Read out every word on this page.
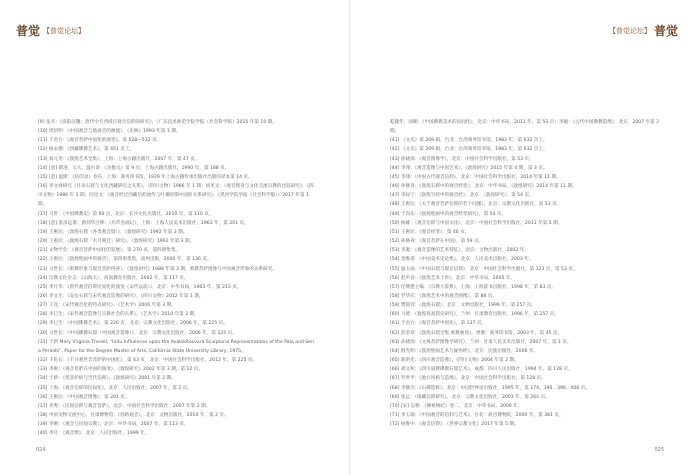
普觉 【普觉论坛】

[9] 张杰：《洛阳汉魏：唐代中天西域应观音信仰的研究》，《广东技术师范学院学报（社会科学版）2015 年第 10 期。

[10] 周悟明：《中国观音与地观音的源流》，《史林》1993 年第 1 期。

[11] 于君方：《观音菩萨中国化的演变》，第 528—532 页。

[12] 杨永德：《西藏佛教艺术》，第 451 页上。

[13] 刘元尧：《敦煌艺术全集》，上海：上海古籍出版社，2007 年，第 47 页。

[14] [意] 畲洛，义大、温尔哥：《舍衡文》第 9 页，上海古籍出版社，1990 年，第 188 页。

[15] [意] 温斯：《结印录》卷东，上海：商务印书馆，1929 年上海古籍传承出版社出版的译本第 14 页。

[16] 李文禄研究《甘泉石窟与文化西藏研究之关系》，《四川文物》1986 年 1 期；同见文：《观音现身与文化交流宗教的比较研究》，《四川文物》1986 年 1 期；同见文：《观音经过西藏信仰流传与吐蕃时期中国的关系研究》，《黑河学院学报（社会科学版）》2017 年第 1 期。

[17] 马世：《中国佛教史》第 60 页，北京：长沙文化出版社，2010 年，第 110 页。

[18] [意] 张彦远著、俞剑华注释：《历代名画记》，上海：上海人民美术出版社，1963 年，第 201 页。

[19] 王惠民：《敦煌石窟（各类观音窟）》，《敦煌研究》1992 年第 3 期。

[20] 王惠民：《敦煌石窟「水月观音」研究》，《敦煌研究》1992 年第 3 期。

[21] 文物学会：《观音菩萨中国化的发展》，第 270 页，第四册集集。

[22] 王惠民：《敦煌壁画中的观音》，第四册集集，南州出版，2000 年，第 136 页。

[23] 马世长：《密教形象与观音菩萨供养》，《敦煌研究》1988 年第 3 期，密教菩萨图像与中国观音形象的关系研究。

[24] 宗教文化杂志：《山海关》，河南教育出版社，2002 年，第 117 页。

[25] 李月华：《唐代观音信仰民间化的演变（宋代以前）》，北京：中华书局，1965 年，第 213 页。

[26] 李文生：《安岳石窟与宋代观音造像的研究》，《四川文物》2012 年第 1 期。

[27] 王昆：《宋代观音化的特点研究》，《艺术学》2006 年第 3 期。

[28] 李巳生：《宋代观音造像与宗教社会的关系》，《艺术学》2010 年第 2 期。

[29] 李巳生：《中国佛教艺术》，第 226 页，北京：宗教文化出版社，2006 年，第 225 页。

[30] 马世长：《中国佛教石窟（中国观音造像）》，北京：宗教文化出版社，2006 年，第 225 页。

[31] 于新 Mary Virginia Thorell, “Indu Influences upon the Avalokitesvara Sculptural Representations of the Pala and Sena Periods”, Paper for the Degree Master of Arts, California State University Library, 1975。

[32] 千化石：《千寻观世音菩萨的中国化》，第 43 页，北京：中国社会科学出版社，2012 年，第 225 页。

[33] 李惠：《观音菩萨在中国的演变》，《敦煌研究》2002 年第 3 期，第 12 页。

[34] 于新：《慈悲护佑与当代信仰》，《敦煌研究》2001 年第 2 期。

[35] 上海：《观音信仰的民间化》，北京：人民出版社，2007 年，第 2 页。

[36] 王惠民：《中国观音图像》，第 201 页。

[37] 李秀：《民间信仰与观音菩萨》，北京：中国社会科学出版社，2007 年第 2 期。

[38] 中国文物交流中心、甘肃博物馆：《丝路观音》，北京：文物出版社，2010 年，第 2 页。

[39] 李刚：《观音与民间宗教》，北京：中华书局，2007 年，第 113 页。

[40] 李月：《观音像》，北京：人民出版社，1999 年。

024
【普觉论坛】 普觉

乾隆年，国朝：《中国佛教美术的民间化》，北京：中华书局，2011 年，第 53 页；李颖：《古代中国佛教造像》，北京，2007 年第 2 期。

[41] 《文史》第 209 辑，台北：台湾商务印书馆，1983 年，第 632 页上。

[42] 《文史》第 209 辑，台北：台湾商务印书馆，1983 年，第 632 页上。

[43] 孙晓岗：《观音图像学》，北京：中国社会科学出版社，第 53 页。

[44] 李翎：《观音造像与中国艺术》，《敦煌研究》2015 年第 4 期，第 3 页。

[45] 李翎：《中国古代观音信仰》，北京：中国社会科学出版社，2014 年第 11 期。

[46] 孙修身：《敦煌石窟中的观音经变》，北京：中华书局，《敦煌研究》2014 年第 11 期。

[47] 李际宁：《敦煌写经中的观音经》，北京：《敦煌研究》，第 54 页。

[48] 王惠民：《关于观音菩萨信仰的若干问题》，北京：宗教文化出版社，第 53 页。

[49] 于向东：《敦煌壁画中的观音经变研究》，第 54 页。

[50] 杨雄：《观音信仰与中国文化》，北京：中国社会科学出版社，2011 年第 5 期。

[51] 王惠民：《观音经变》，第 46 页。

[52] 孙修身：《观音菩萨在中国》，第 59 页。

[53] 李凇：《观音造像的艺术特征》，北京：文物出版社，2002 年。

[54] 金维诺：《中国美术史论集》，北京：人民美术出版社，2003 年。

[55] 温玉成：《中国石窟与观音信仰》，北京：中国社会科学出版社，第 123 页，第 53 页。

[56] 赵声良：《敦煌艺术十讲》，北京：中华书局，2005 年。

[57] 任继愈主编：《宗教大辞典》，上海：上海辞书出版社，1998 年，第 83 页。

[58] 罗华庆：《敦煌艺术中的观音图像》，第 88 页。

[59] 樊锦诗：《敦煌石窟》，北京：文物出版社，1999 年，第 257 页。

[60] 马德：《敦煌莫高窟史研究》，兰州：甘肃教育出版社，1996 年，第 257 页。

[61] 于君方：《观音菩萨中国化》，第 137 页。

[62] 彭金章：《敦煌石窟全集·密教画卷》，香港：商务印书馆，2003 年，第 45 页。

[63] 孙晓岗：《文殊菩萨图像学研究》，兰州：甘肃人民美术出版社，2007 年，第 1 页。

[64] 殷光明：《敦煌壁画艺术与疑伪经》，北京：民族出版社，2006 年。

[65] 陈明光：《四川观音造像》，《四川文物》2004 年第 2 期。

[66] 胡文和：《四川道教佛教石窟艺术》，成都：四川人民出版社，1994 年，第 128 页。

[67] 罗世平：《地方风格与造像》，北京：中国社会科学出版社，第 128 页。

[68] 李静杰：《石佛选粹》，北京：中国世界语出版社，1995 年，第 174、395、396、408 页。

[69] 张总：《地藏信仰研究》，北京：宗教文化出版社，2003 年，第 264 页。

[70] [宋] 志磐：《佛祖统纪》卷二，北京：中华书局，2006 年。

[71] 李玉珉：《中国观音的信仰与艺术》，台北：故宫博物院，2000 年，第 381 页。

[72] 杨维中：《观音信仰》，《世界宗教文化》2017 年第 5 期。

025
